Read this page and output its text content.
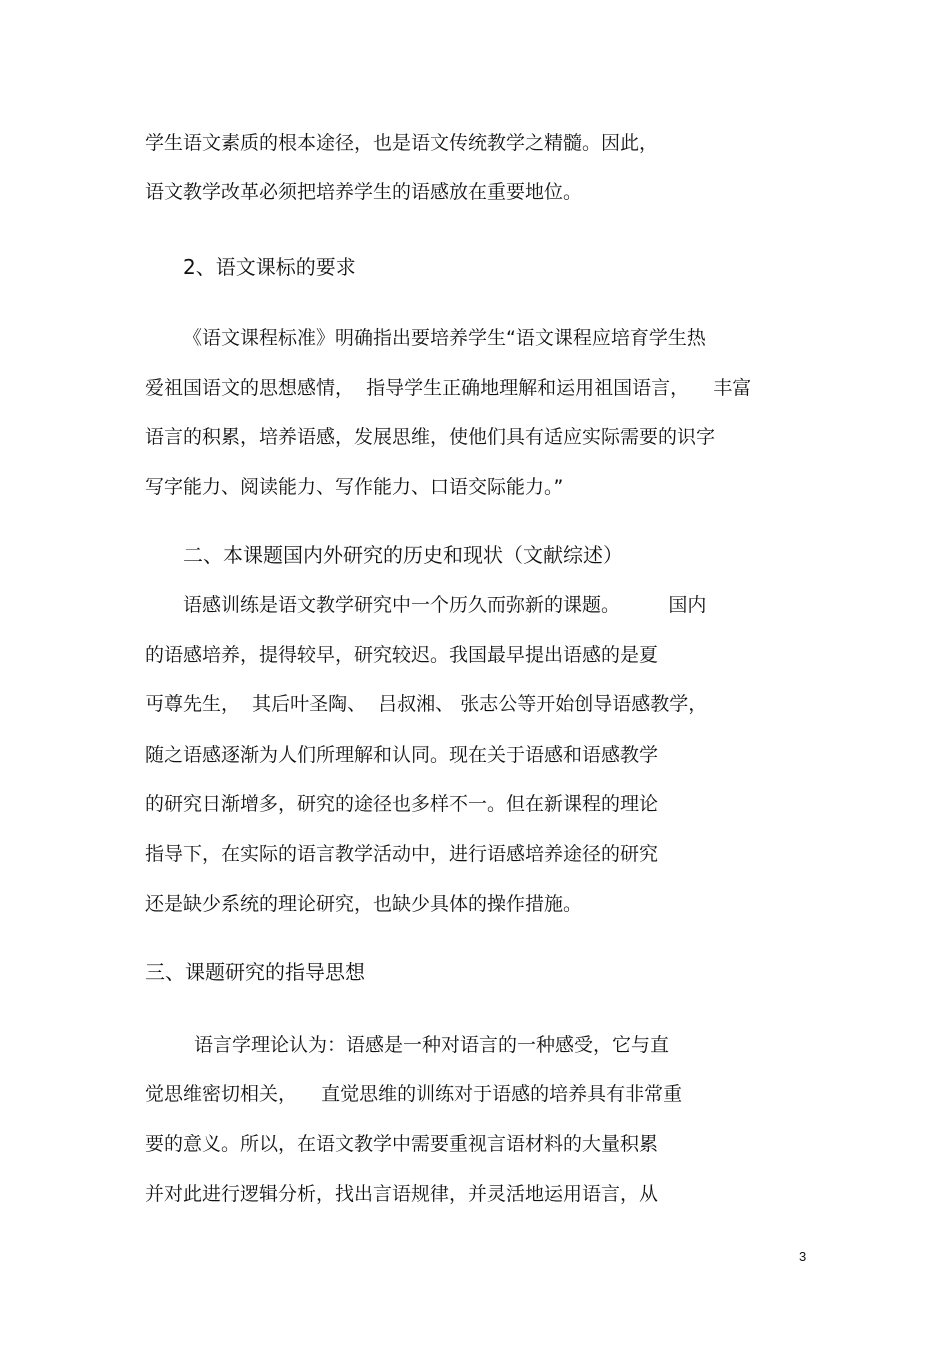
学生语文素质的根本途径，也是语文传统教学之精髓。因此，
语文教学改革必须把培养学生的语感放在重要地位。
2、语文课标的要求
《语文课程标准》明确指出要培养学生“语文课程应培育学生热
爱祖国语文的思想感情，  指导学生正确地理解和运用祖国语言，    丰富
语言的积累，培养语感，发展思维，使他们具有适应实际需要的识字
写字能力、阅读能力、写作能力、口语交际能力。”
二、本课题国内外研究的历史和现状（文献综述）
语感训练是语文教学研究中一个历久而弥新的课题。        国内
的语感培养，提得较早，研究较迟。我国最早提出语感的是夏
丏尊先生，  其后叶圣陶、  吕叔湘、 张志公等开始创导语感教学，
随之语感逐渐为人们所理解和认同。现在关于语感和语感教学
的研究日渐增多，研究的途径也多样不一。但在新课程的理论
指导下，在实际的语言教学活动中，进行语感培养途径的研究
还是缺少系统的理论研究，也缺少具体的操作措施。
三、课题研究的指导思想
语言学理论认为：语感是一种对语言的一种感受，它与直
觉思维密切相关，    直觉思维的训练对于语感的培养具有非常重
要的意义。所以，在语文教学中需要重视言语材料的大量积累
并对此进行逻辑分析，找出言语规律，并灵活地运用语言，从
3
